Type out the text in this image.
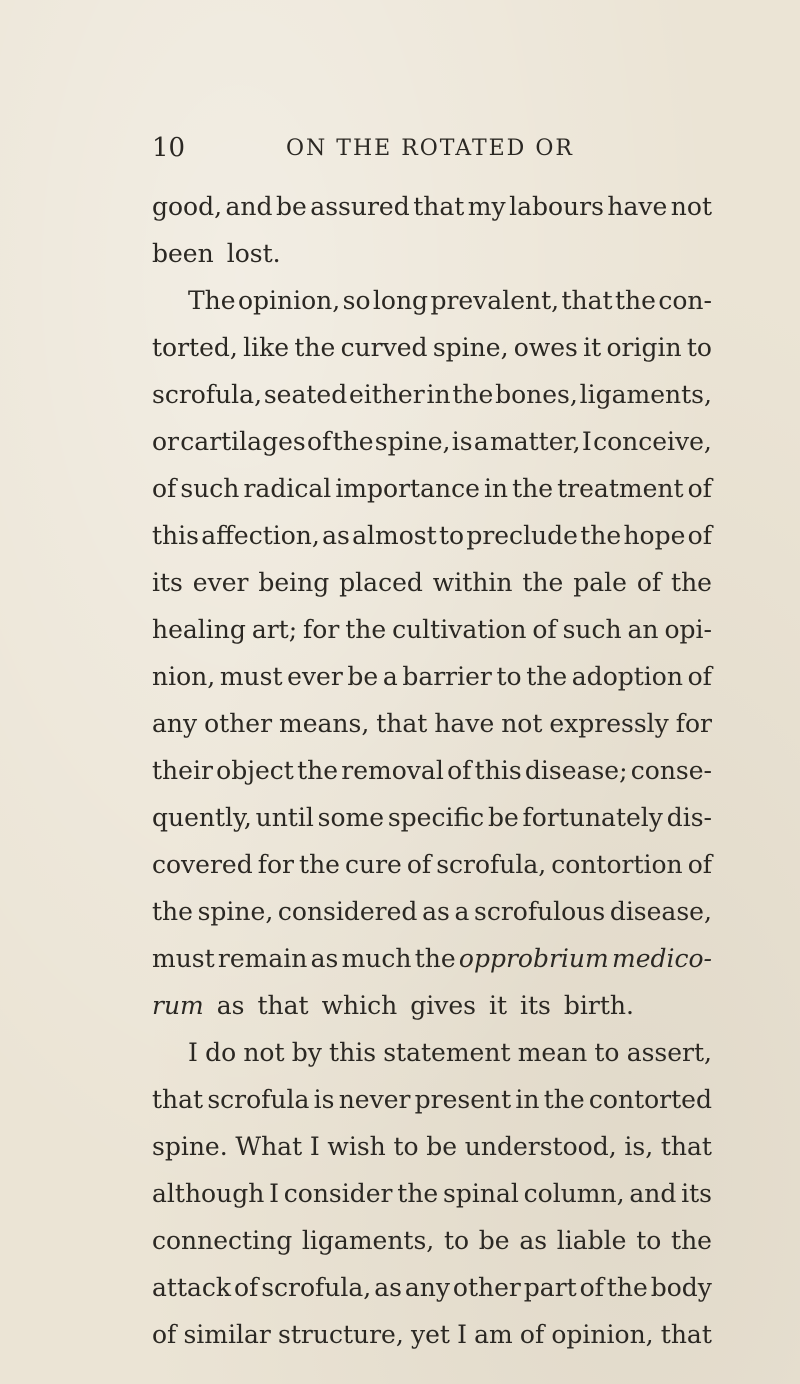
10	ON THE ROTATED OR
good, and be assured that my labours have not
been lost.
The opinion, so long prevalent, that the con-
torted, like the curved spine, owes it origin to
scrofula, seated either in the bones, ligaments,
or cartilages of the spine, is a matter, I conceive,
of such radical importance in the treatment of
this affection, as almost to preclude the hope of
its ever being placed within the pale of the
healing art; for the cultivation of such an opi-
nion, must ever be a barrier to the adoption of
any other means, that have not expressly for
their object the removal of this disease; conse-
quently, until some specific be fortunately dis-
covered for the cure of scrofula, contortion of
the spine, considered as a scrofulous disease,
must remain as much the opprobrium medico-
rum as that which gives it its birth.
I do not by this statement mean to assert,
that scrofula is never present in the contorted
spine. What I wish to be understood, is, that
although I consider the spinal column, and its
connecting ligaments, to be as liable to the
attack of scrofula, as any other part of the body
of similar structure, yet I am of opinion, that
